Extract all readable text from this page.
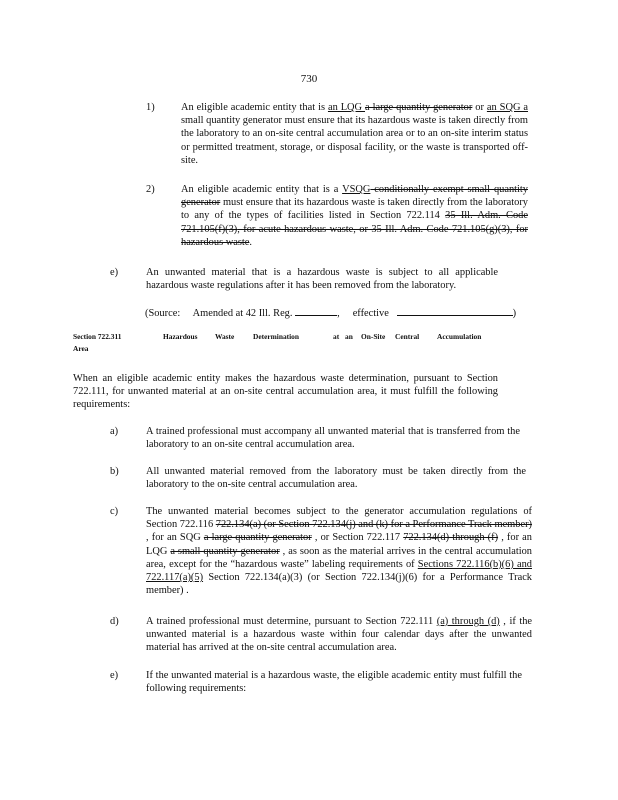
730
1)	An eligible academic entity that is an LQG a large quantity generator or an SQG a small quantity generator must ensure that its hazardous waste is taken directly from the laboratory to an on-site central accumulation area or to an on-site interim status or permitted treatment, storage, or disposal facility, or the waste is transported off-site.
2)	An eligible academic entity that is a VSQG conditionally exempt small quantity generator must ensure that its hazardous waste is taken directly from the laboratory to any of the types of facilities listed in Section 722.114 35 Ill. Adm. Code 721.105(f)(3), for acute hazardous waste, or 35 Ill. Adm. Code 721.105(g)(3), for hazardous waste.
e)	An unwanted material that is a hazardous waste is subject to all applicable hazardous waste regulations after it has been removed from the laboratory.
(Source: Amended at 42 Ill. Reg.	, effective	)
Section 722.311	Hazardous Waste	Determination	at an On-Site Central Accumulation
Area
When an eligible academic entity makes the hazardous waste determination, pursuant to Section 722.111, for unwanted material at an on-site central accumulation area, it must fulfill the following requirements:
a)	A trained professional must accompany all unwanted material that is transferred from the laboratory to an on-site central accumulation area.
b)	All unwanted material removed from the laboratory must be taken directly from the laboratory to the on-site central accumulation area.
c)	The unwanted material becomes subject to the generator accumulation regulations of Section 722.116 722.134(a) (or Section 722.134(j) and (k) for a Performance Track member) , for an SQG a large quantity generator , or Section 722.117 722.134(d) through (f) , for an LQG a small quantity generator , as soon as the material arrives in the central accumulation area, except for the “hazardous waste” labeling requirements of Sections 722.116(b)(6) and 722.117(a)(5) Section 722.134(a)(3) (or Section 722.134(j)(6) for a Performance Track member) .
d)	A trained professional must determine, pursuant to Section 722.111 (a) through (d) , if the unwanted material is a hazardous waste within four calendar days after the unwanted material has arrived at the on-site central accumulation area.
e)	If the unwanted material is a hazardous waste, the eligible academic entity must fulfill the following requirements:
